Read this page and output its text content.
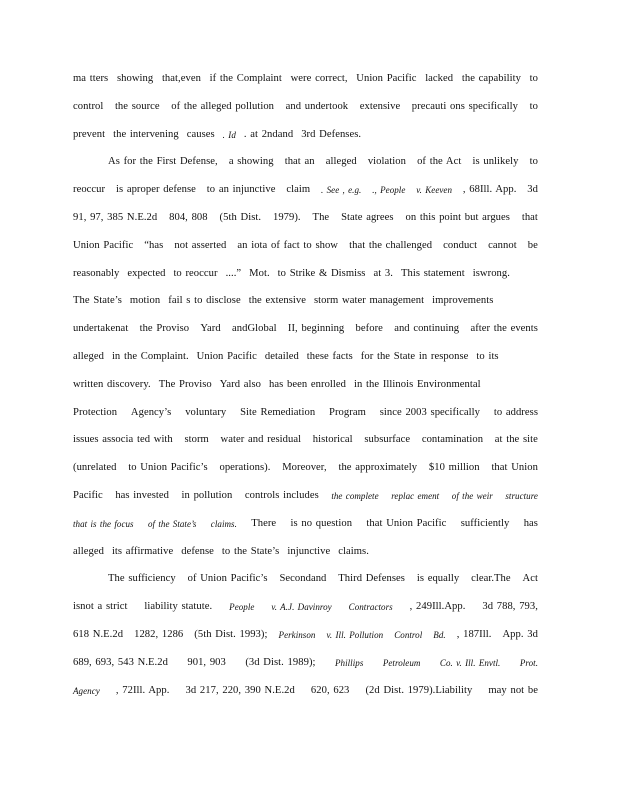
ma tters showing that,even if the Complaint were correct, Union Pacific lacked the capability to
control the source of the alleged pollution and undertook extensive precauti ons specifically to
prevent the intervening causes . Id . at 2ndand 3rd Defenses.
As for the First Defense, a showing that an alleged violation of the Act is unlikely to
reoccur is aproper defense to an injunctive claim . See , e.g. ., People v. Keeven , 68Ill. App. 3d
91, 97, 385 N.E.2d 804, 808 (5th Dist. 1979). The State agrees on this point but argues that
Union Pacific “has not asserted an iota of fact to show that the challenged conduct cannot be
reasonably expected to reoccur ....” Mot. to Strike & Dismiss at 3. This statement iswrong.
The State’s motion fail s to disclose the extensive storm water management improvements
undertakenat the Proviso Yard andGlobal II, beginning before and continuing after the events
alleged in the Complaint. Union Pacific detailed these facts for the State in response to its
written discovery. The Proviso Yard also has been enrolled in the Illinois Environmental
Protection Agency’s voluntary Site Remediation Program since 2003 specifically to address
issues associa ted with storm water and residual historical subsurface contamination at the site
(unrelated to Union Pacific’s operations). Moreover, the approximately $10 million that Union
Pacific has invested in pollution controls includes the complete replac ement of the weir structure
that is the focus of the State’s claims. There is no question that Union Pacific sufficiently has
alleged its affirmative defense to the State’s injunctive claims.
The sufficiency of Union Pacific’s Secondand Third Defenses is equally clear.The Act
isnot a strict liability statute. People v. A.J. Davinroy Contractors , 249Ill.App. 3d 788, 793,
618 N.E.2d 1282, 1286 (5th Dist. 1993); Perkinson v. Ill. Pollution Control Bd. , 187Ill. App. 3d
689, 693, 543 N.E.2d 901, 903 (3d Dist. 1989); Phillips Petroleum Co. v. Ill. Envtl. Prot.
Agency , 72Ill. App. 3d 217, 220, 390 N.E.2d 620, 623 (2d Dist. 1979).Liability may not be
